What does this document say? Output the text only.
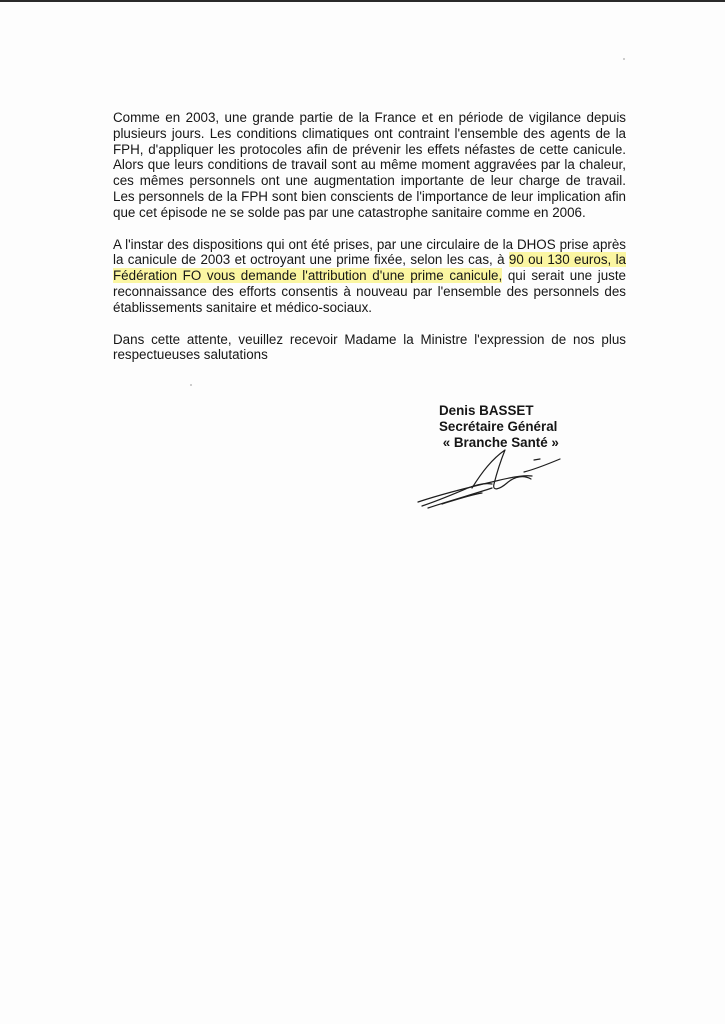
Comme en 2003, une grande partie de la France et en période de vigilance depuis plusieurs jours. Les conditions climatiques ont contraint l'ensemble des agents de la FPH, d'appliquer les protocoles afin de prévenir les effets néfastes de cette canicule. Alors que leurs conditions de travail sont au même moment aggravées par la chaleur, ces mêmes personnels ont une augmentation importante de leur charge de travail. Les personnels de la FPH sont bien conscients de l'importance de leur implication afin que cet épisode ne se solde pas par une catastrophe sanitaire comme en 2006.

A l'instar des dispositions qui ont été prises, par une circulaire de la DHOS prise après la canicule de 2003 et octroyant une prime fixée, selon les cas, à 90 ou 130 euros, la Fédération FO vous demande l'attribution d'une prime canicule, qui serait une juste reconnaissance des efforts consentis à nouveau par l'ensemble des personnels des établissements sanitaire et médico-sociaux.

Dans cette attente, veuillez recevoir Madame la Ministre l'expression de nos plus respectueuses salutations

Denis BASSET
Secrétaire Général
« Branche Santé »
